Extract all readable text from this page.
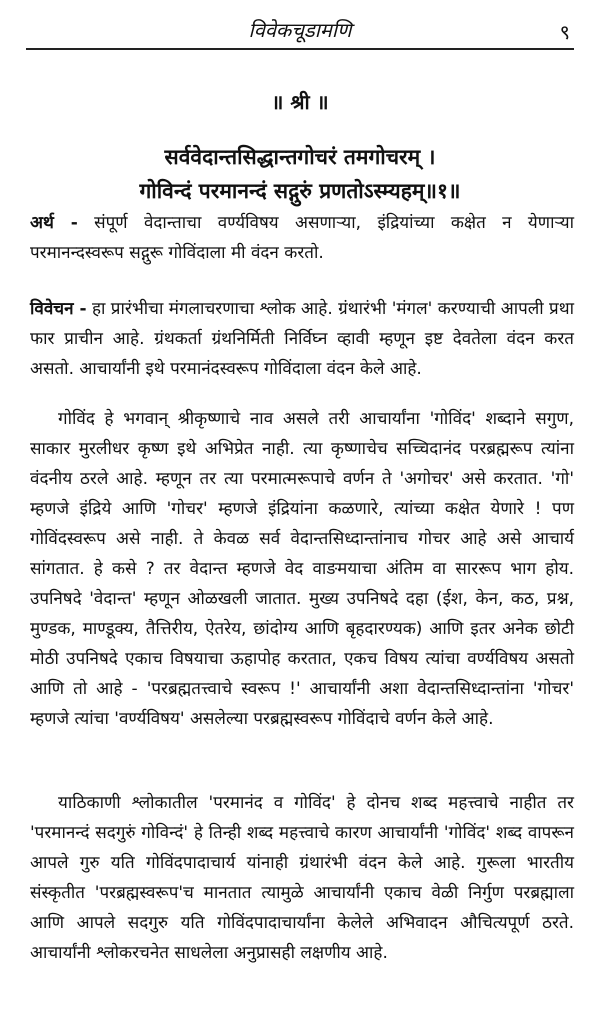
विवेकचूडामणि	९
॥ श्री ॥
सर्ववेदान्तसिद्धान्तगोचरं तमगोचरम् ।
गोविन्दं परमानन्दं सद्गुरुं प्रणतोऽस्म्यहम्॥१॥
अर्थ - संपूर्ण वेदान्ताचा वर्ण्यविषय असणाऱ्या, इंद्रियांच्या कक्षेत न येणाऱ्या परमानन्दस्वरूप सद्गुरू गोविंदाला मी वंदन करतो.
विवेचन - हा प्रारंभीचा मंगलाचरणाचा श्लोक आहे. ग्रंथारंभी 'मंगल' करण्याची आपली प्रथा फार प्राचीन आहे. ग्रंथकर्ता ग्रंथनिर्मिती निर्विघ्न व्हावी म्हणून इष्ट देवतेला वंदन करत असतो. आचार्यांनी इथे परमानंदस्वरूप गोविंदाला वंदन केले आहे.

गोविंद हे भगवान् श्रीकृष्णाचे नाव असले तरी आचार्यांना 'गोविंद' शब्दाने सगुण, साकार मुरलीधर कृष्ण इथे अभिप्रेत नाही. त्या कृष्णाचेच सच्चिदानंद परब्रह्मरूप त्यांना वंदनीय ठरले आहे. म्हणून तर त्या परमात्मरूपाचे वर्णन ते 'अगोचर' असे करतात. 'गो' म्हणजे इंद्रिये आणि 'गोचर' म्हणजे इंद्रियांना कळणारे, त्यांच्या कक्षेत येणारे ! पण गोविंदस्वरूप असे नाही. ते केवळ सर्व वेदान्तसिध्दान्तांनाच गोचर आहे असे आचार्य सांगतात. हे कसे ? तर वेदान्त म्हणजे वेद वाङमयाचा अंतिम वा साररूप भाग होय. उपनिषदे 'वेदान्त' म्हणून ओळखली जातात. मुख्य उपनिषदे दहा (ईश, केन, कठ, प्रश्न, मुण्डक, माण्डूक्य, तैत्तिरीय, ऐतरेय, छांदोग्य आणि बृहदारण्यक) आणि इतर अनेक छोटी मोठी उपनिषदे एकाच विषयाचा ऊहापोह करतात, एकच विषय त्यांचा वर्ण्यविषय असतो आणि तो आहे - 'परब्रह्मतत्त्वाचे स्वरूप !' आचार्यांनी अशा वेदान्तसिध्दान्तांना 'गोचर' म्हणजे त्यांचा 'वर्ण्यविषय' असलेल्या परब्रह्मस्वरूप गोविंदाचे वर्णन केले आहे.

याठिकाणी श्लोकातील 'परमानंद व गोविंद' हे दोनच शब्द महत्त्वाचे नाहीत तर 'परमानन्दं सदगुरुं गोविन्दं' हे तिन्ही शब्द महत्त्वाचे कारण आचार्यांनी 'गोविंद' शब्द वापरून आपले गुरु यति गोविंदपादाचार्य यांनाही ग्रंथारंभी वंदन केले आहे. गुरूला भारतीय संस्कृतीत 'परब्रह्मस्वरूप'च मानतात त्यामुळे आचार्यांनी एकाच वेळी निर्गुण परब्रह्माला आणि आपले सदगुरु यति गोविंदपादाचार्यांना केलेले अभिवादन औचित्यपूर्ण ठरते. आचार्यांनी श्लोकरचनेत साधलेला अनुप्रासही लक्षणीय आहे.
